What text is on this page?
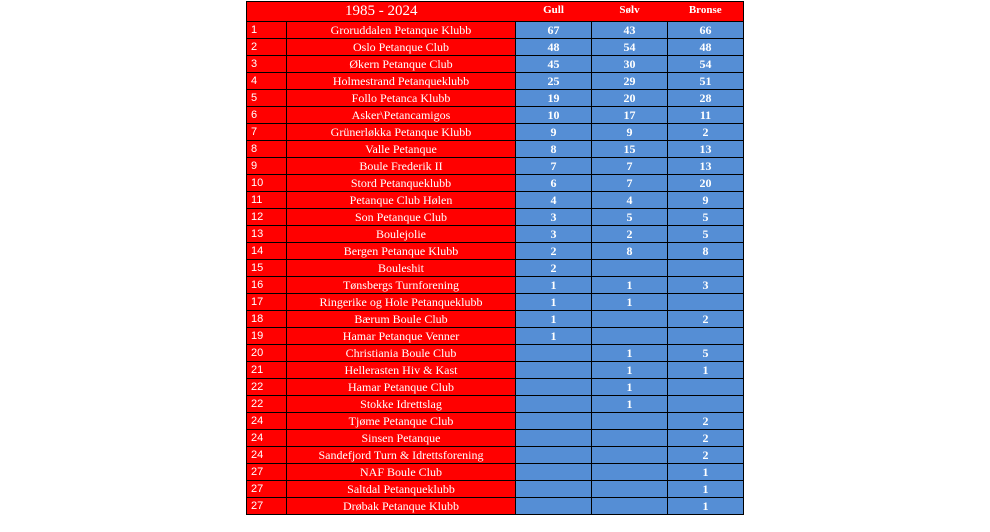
1985 - 2024		Gull	Sølv	Bronse
1	Groruddalen Petanque Klubb	67	43	66
2	Oslo Petanque Club	48	54	48
3	Økern Petanque Club	45	30	54
4	Holmestrand Petanqueklubb	25	29	51
5	Follo Petanca Klubb	19	20	28
6	Asker\Petancamigos	10	17	11
7	Grünerløkka Petanque Klubb	9	9	2
8	Valle Petanque	8	15	13
9	Boule Frederik II	7	7	13
10	Stord Petanqueklubb	6	7	20
11	Petanque Club Hølen	4	4	9
12	Son Petanque Club	3	5	5
13	Boulejolie	3	2	5
14	Bergen Petanque Klubb	2	8	8
15	Bouleshit	2		
16	Tønsbergs Turnforening	1	1	3
17	Ringerike og Hole Petanqueklubb	1	1	
18	Bærum Boule Club	1		2
19	Hamar Petanque Venner	1		
20	Christiania Boule Club		1	5
21	Hellerasten Hiv & Kast		1	1
22	Hamar Petanque Club		1	
22	Stokke Idrettslag		1	
24	Tjøme Petanque Club			2
24	Sinsen Petanque			2
24	Sandefjord Turn & Idrettsforening			2
27	NAF Boule Club			1
27	Saltdal Petanqueklubb			1
27	Drøbak Petanque Klubb			1
